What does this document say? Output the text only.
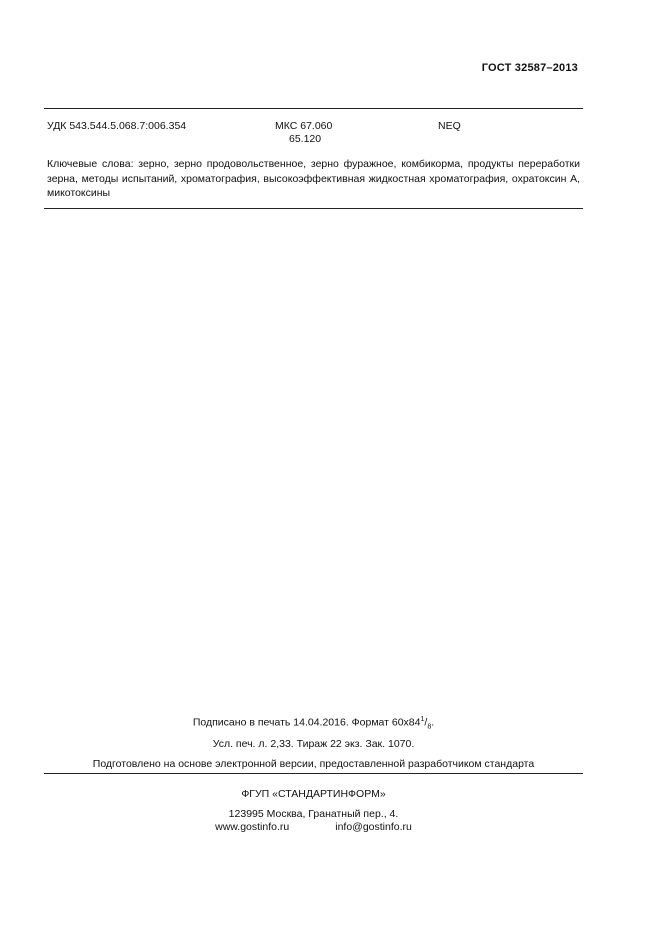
ГОСТ 32587–2013
УДК 543.544.5.068.7:006.354	МКС 67.060
65.120
NEQ
Ключевые слова: зерно, зерно продовольственное, зерно фуражное, комбикорма, продукты переработки зерна, методы испытаний, хроматография, высокоэффективная жидкостная хроматография, охратоксин А, микотоксины
Подписано в печать 14.04.2016. Формат $60х84^1/_8$.
Усл. печ. л. 2,33. Тираж 22 экз. Зак. 1070.
Подготовлено на основе электронной версии, предоставленной разработчиком стандарта
ФГУП «СТАНДАРТИНФОРМ»
123995 Москва, Гранатный пер., 4.
www.gostinfo.ru	info@gostinfo.ru
